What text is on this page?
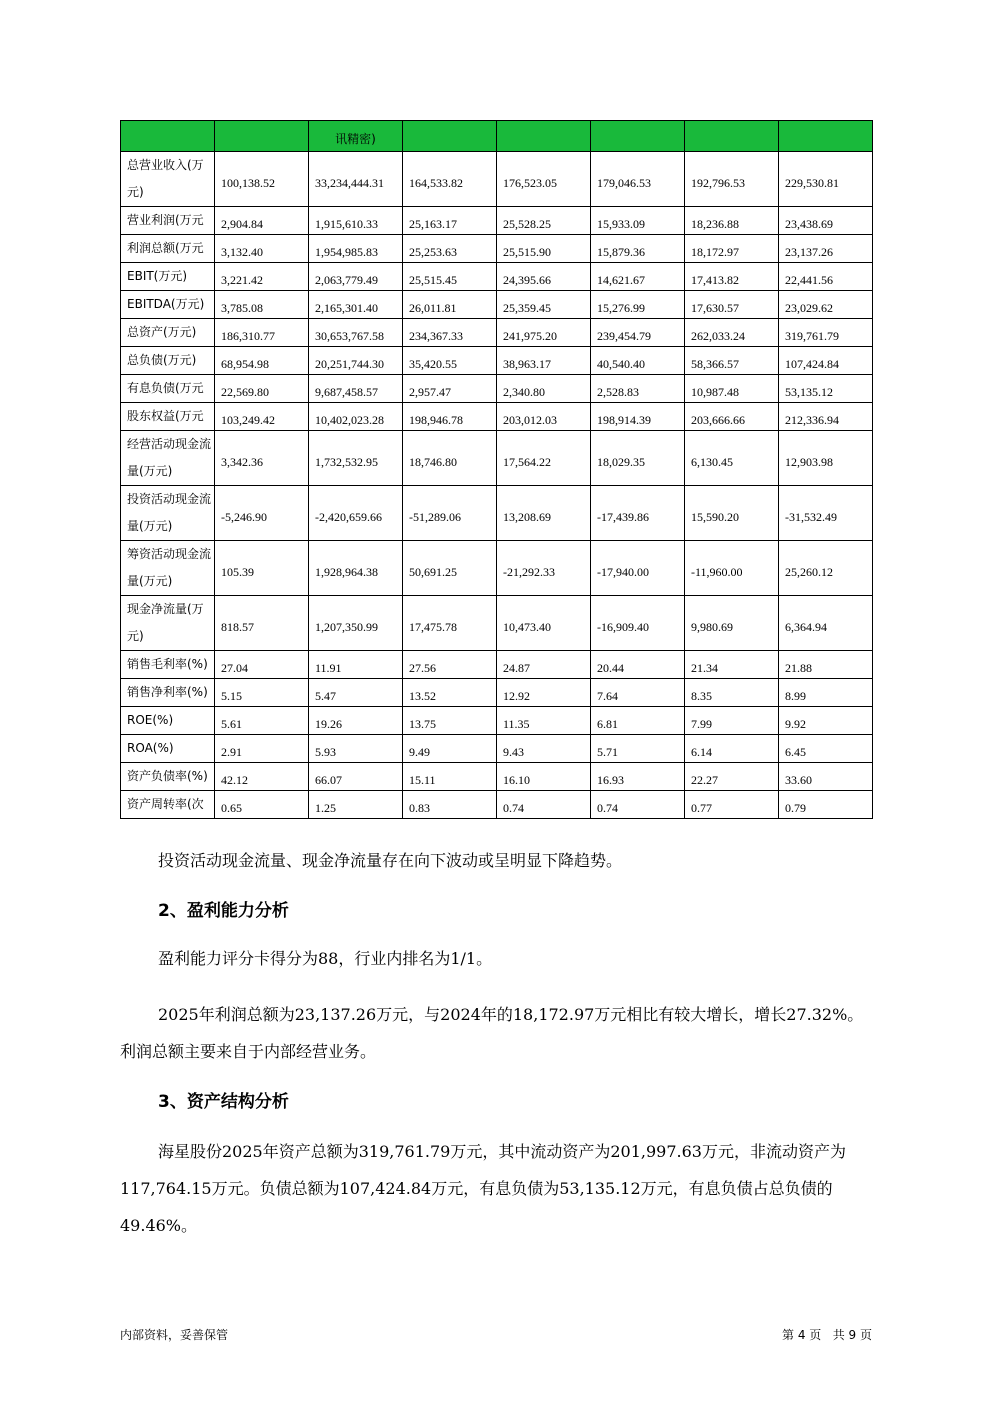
		讯精密)					
总营业收入(万元)	100,138.52	33,234,444.31	164,533.82	176,523.05	179,046.53	192,796.53	229,530.81
营业利润(万元	2,904.84	1,915,610.33	25,163.17	25,528.25	15,933.09	18,236.88	23,438.69
利润总额(万元	3,132.40	1,954,985.83	25,253.63	25,515.90	15,879.36	18,172.97	23,137.26
EBIT(万元)	3,221.42	2,063,779.49	25,515.45	24,395.66	14,621.67	17,413.82	22,441.56
EBITDA(万元)	3,785.08	2,165,301.40	26,011.81	25,359.45	15,276.99	17,630.57	23,029.62
总资产(万元)	186,310.77	30,653,767.58	234,367.33	241,975.20	239,454.79	262,033.24	319,761.79
总负债(万元)	68,954.98	20,251,744.30	35,420.55	38,963.17	40,540.40	58,366.57	107,424.84
有息负债(万元	22,569.80	9,687,458.57	2,957.47	2,340.80	2,528.83	10,987.48	53,135.12
股东权益(万元	103,249.42	10,402,023.28	198,946.78	203,012.03	198,914.39	203,666.66	212,336.94
经营活动现金流量(万元)	3,342.36	1,732,532.95	18,746.80	17,564.22	18,029.35	6,130.45	12,903.98
投资活动现金流量(万元)	-5,246.90	-2,420,659.66	-51,289.06	13,208.69	-17,439.86	15,590.20	-31,532.49
筹资活动现金流量(万元)	105.39	1,928,964.38	50,691.25	-21,292.33	-17,940.00	-11,960.00	25,260.12
现金净流量(万元)	818.57	1,207,350.99	17,475.78	10,473.40	-16,909.40	9,980.69	6,364.94
销售毛利率(%)	27.04	11.91	27.56	24.87	20.44	21.34	21.88
销售净利率(%)	5.15	5.47	13.52	12.92	7.64	8.35	8.99
ROE(%)	5.61	19.26	13.75	11.35	6.81	7.99	9.92
ROA(%)	2.91	5.93	9.49	9.43	5.71	6.14	6.45
资产负债率(%)	42.12	66.07	15.11	16.10	16.93	22.27	33.60
资产周转率(次	0.65	1.25	0.83	0.74	0.74	0.77	0.79

投资活动现金流量、现金净流量存在向下波动或呈明显下降趋势。

2、盈利能力分析

盈利能力评分卡得分为88，行业内排名为1/1。

2025年利润总额为23,137.26万元，与2024年的18,172.97万元相比有较大增长，增长27.32%。利润总额主要来自于内部经营业务。

3、资产结构分析

海星股份2025年资产总额为319,761.79万元，其中流动资产为201,997.63万元，非流动资产为117,764.15万元。负债总额为107,424.84万元，有息负债为53,135.12万元，有息负债占总负债的49.46%。

内部资料，妥善保管	第 4 页   共 9 页
